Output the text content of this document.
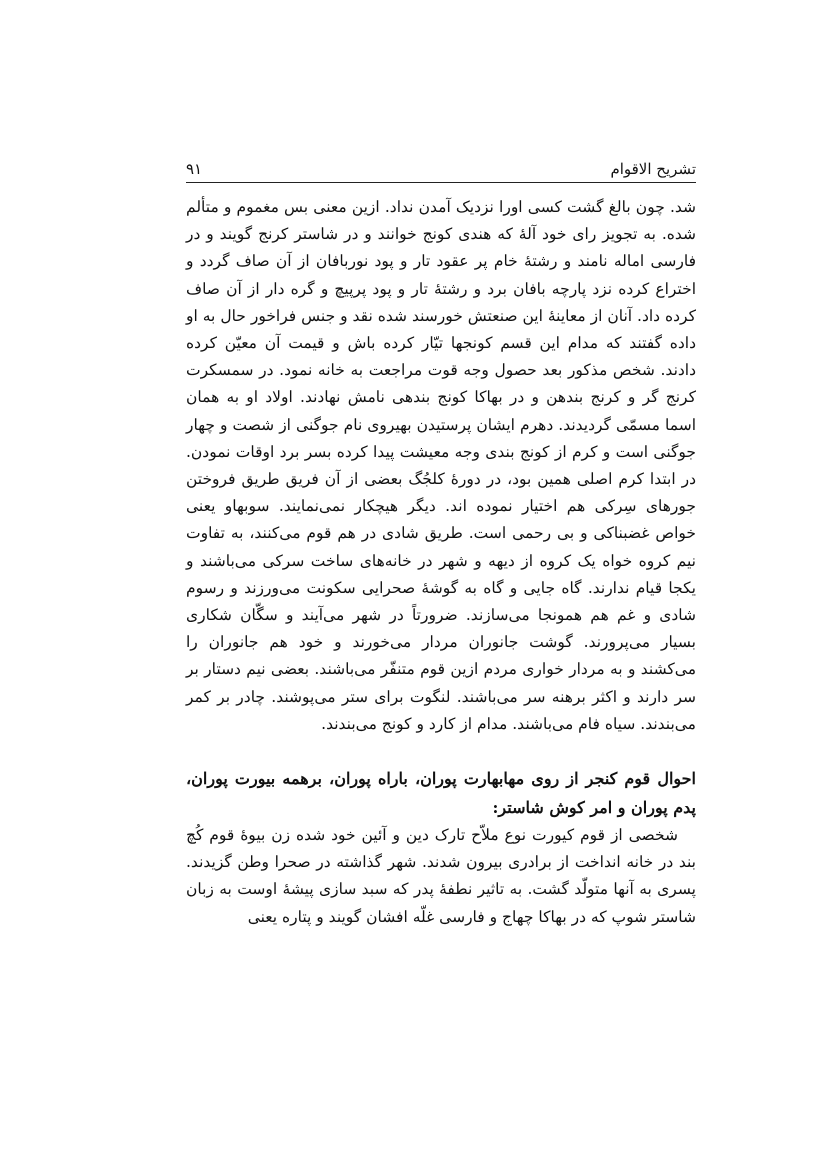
تشریح الاقوام
۹۱

شد. چون بالغ گشت کسی اورا نزدیک آمدن نداد. ازین معنی بس مغموم و متألم شده. به تجویز رای خود آلهٔ که هندی کونج خوانند و در شاستر کرنج گویند و در فارسی اماله نامند و رشتهٔ خام پر عقود تار و پود نوربافان از آن صاف گردد و اختراع کرده نزد پارچه بافان برد و رشتهٔ تار و پود پرپیچ و گره دار از آن صاف کرده داد. آنان از معاینهٔ این صنعتش خورسند شده نقد و جنس فراخور حال به او داده گفتند که مدام این قسم کونجها تیّار کرده باش و قیمت آن معیّن کرده دادند. شخص مذکور بعد حصول وجه قوت مراجعت به خانه نمود. در سمسکرت کرنج گر و کرنج بندهن و در بهاکا کونج بندهی نامش نهادند. اولاد او به همان اسما مسمّی گردیدند. دهرم ایشان پرستیدن بهیروی نام جوگنی از شصت و چهار جوگنی است و کرم از کونج بندی وجه معیشت پیدا کرده بسر برد اوقات نمودن. در ابتدا کرم اصلی همین بود، در دورهٔ کلجُگ بعضی از آن فریق طریق فروختن جورهای سِرکی هم اختیار نموده اند. دیگر هیچکار نمی‌نمایند. سوبهاو یعنی خواص غضبناکی و بی رحمی است. طریق شادی در هم قوم می‌کنند، به تفاوت نیم کروه خواه یک کروه از دیهه و شهر در خانه‌های ساخت سرکی می‌باشند و یکجا قیام ندارند. گاه جایی و گاه به گوشهٔ صحرایی سکونت می‌ورزند و رسوم شادی و غم هم همونجا می‌سازند. ضرورتاً در شهر می‌آیند و سگّان شکاری بسیار می‌پرورند. گوشت جانوران مردار می‌خورند و خود هم جانوران را می‌کشند و به مردار خواری مردم ازین قوم متنفّر می‌باشند. بعضی نیم دستار بر سر دارند و اکثر برهنه سر می‌باشند. لنگوت برای ستر می‌پوشند. چادر بر کمر می‌بندند. سیاه فام می‌باشند. مدام از کارد و کونج می‌بندند.

احوال قوم کنجر از روی مهابهارت پوران، باراه پوران، برهمه بیورت پوران، پدم پوران و امر کوش شاستر:

شخصی از قوم کیورت نوع ملاّح تارک دین و آئین خود شده زن بیوهٔ قوم کُچ بند در خانه انداخت از برادری بیرون شدند. شهر گذاشته در صحرا وطن گزیدند. پسری به آنها متولّد گشت. به تاثیر نطفهٔ پدر که سبد سازی پیشهٔ اوست به زبان شاستر شوپ که در بهاکا چهاج و فارسی غلّه افشان گویند و پتاره یعنی
